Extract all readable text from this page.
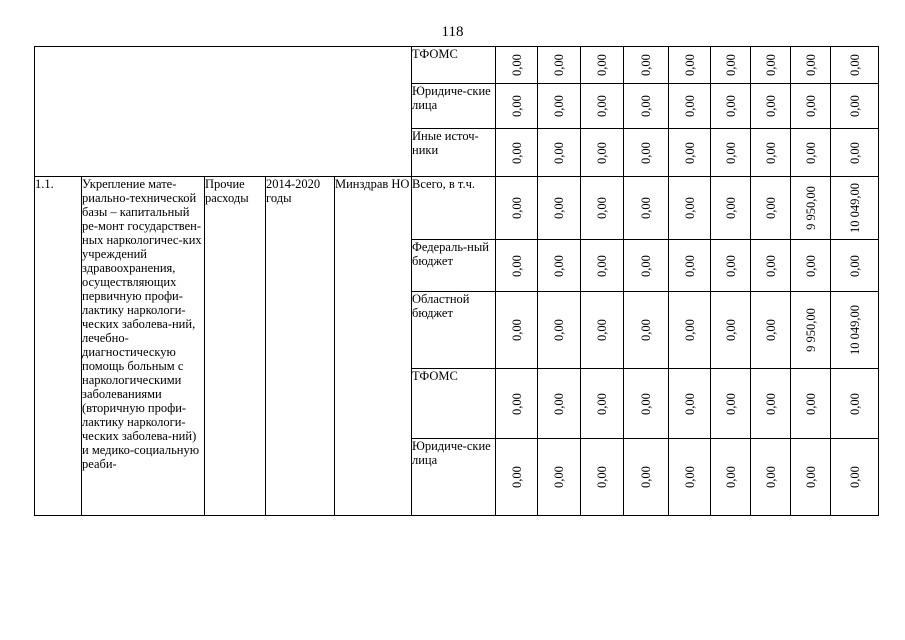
118
					ТФОМС	0,00	0,00	0,00	0,00	0,00	0,00	0,00	0,00	0,00

					Юридиче-ские лица	0,00	0,00	0,00	0,00	0,00	0,00	0,00	0,00	0,00

					Иные источ-ники	0,00	0,00	0,00	0,00	0,00	0,00	0,00	0,00	0,00

1.1.	Укрепление мате-риально-технической базы – капитальный ре-монт государствен-ных наркологичес-ких учреждений здравоохранения, осуществляющих первичную профи-лактику наркологи-ческих заболева-ний, лечебно-диагностическую помощь больным с наркологическими заболеваниями (вторичную профи-лактику наркологи-ческих заболева-ний) и медико-социальную реаби-	Прочие расходы	2014-2020 годы	Минздрав НО	Всего, в т.ч.	0,00	0,00	0,00	0,00	0,00	0,00	0,00	9 950,00	10 049,00

					Федераль-ный бюджет	0,00	0,00	0,00	0,00	0,00	0,00	0,00	0,00	0,00

					Областной бюджет	0,00	0,00	0,00	0,00	0,00	0,00	0,00	9 950,00	10 049,00

					ТФОМС	0,00	0,00	0,00	0,00	0,00	0,00	0,00	0,00	0,00

					Юридиче-ские лица	0,00	0,00	0,00	0,00	0,00	0,00	0,00	0,00	0,00
